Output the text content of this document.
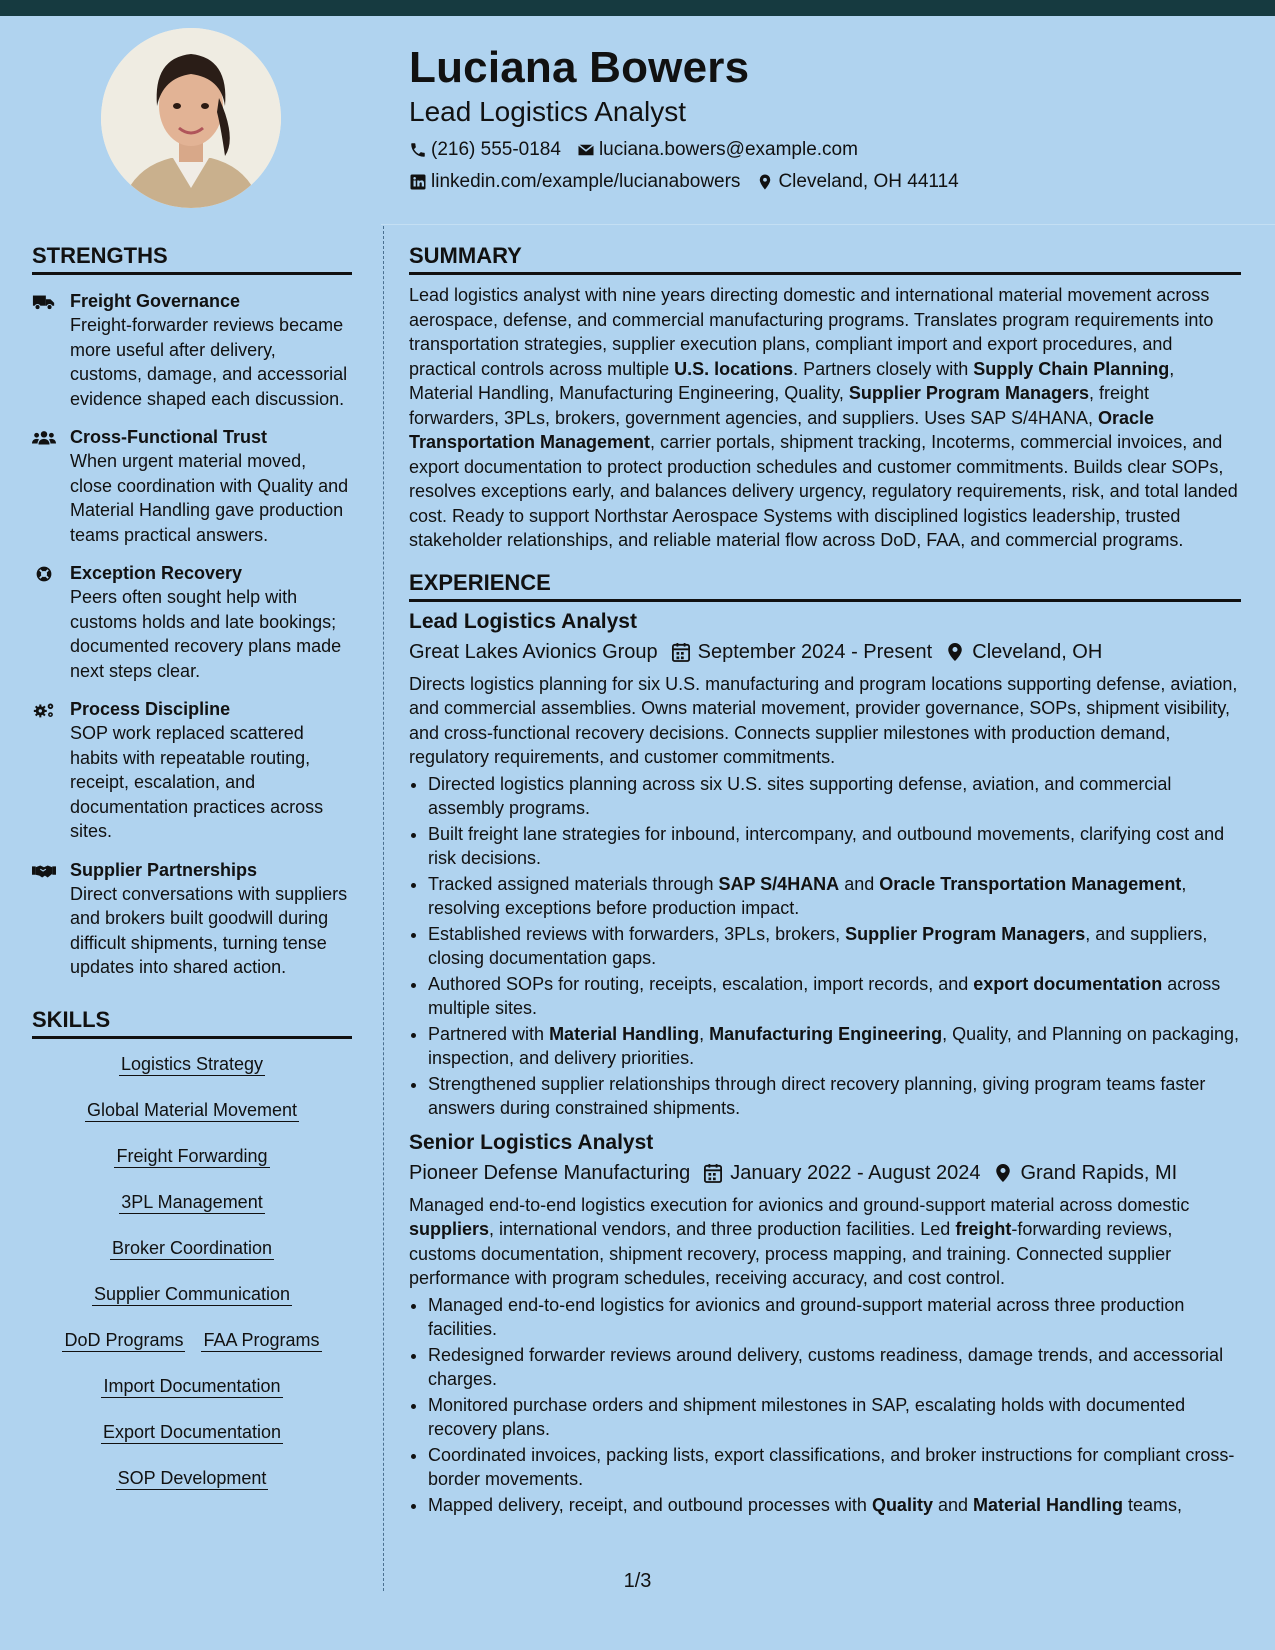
Luciana Bowers
Lead Logistics Analyst
(216) 555-0184 luciana.bowers@example.com
linkedin.com/example/lucianabowers Cleveland, OH 44114
STRENGTHS
Freight Governance
Freight-forwarder reviews became more useful after delivery, customs, damage, and accessorial evidence shaped each discussion.
Cross-Functional Trust
When urgent material moved, close coordination with Quality and Material Handling gave production teams practical answers.
Exception Recovery
Peers often sought help with customs holds and late bookings; documented recovery plans made next steps clear.
Process Discipline
SOP work replaced scattered habits with repeatable routing, receipt, escalation, and documentation practices across sites.
Supplier Partnerships
Direct conversations with suppliers and brokers built goodwill during difficult shipments, turning tense updates into shared action.
SKILLS
Logistics Strategy
Global Material Movement
Freight Forwarding
3PL Management
Broker Coordination
Supplier Communication
DoD Programs FAA Programs
Import Documentation
Export Documentation
SOP Development
SUMMARY
Lead logistics analyst with nine years directing domestic and international material movement across aerospace, defense, and commercial manufacturing programs. Translates program requirements into transportation strategies, supplier execution plans, compliant import and export procedures, and practical controls across multiple U.S. locations. Partners closely with Supply Chain Planning, Material Handling, Manufacturing Engineering, Quality, Supplier Program Managers, freight forwarders, 3PLs, brokers, government agencies, and suppliers. Uses SAP S/4HANA, Oracle Transportation Management, carrier portals, shipment tracking, Incoterms, commercial invoices, and export documentation to protect production schedules and customer commitments. Builds clear SOPs, resolves exceptions early, and balances delivery urgency, regulatory requirements, risk, and total landed cost. Ready to support Northstar Aerospace Systems with disciplined logistics leadership, trusted stakeholder relationships, and reliable material flow across DoD, FAA, and commercial programs.
EXPERIENCE
Lead Logistics Analyst
Great Lakes Avionics Group September 2024 - Present Cleveland, OH
Directs logistics planning for six U.S. manufacturing and program locations supporting defense, aviation, and commercial assemblies. Owns material movement, provider governance, SOPs, shipment visibility, and cross-functional recovery decisions. Connects supplier milestones with production demand, regulatory requirements, and customer commitments.
• Directed logistics planning across six U.S. sites supporting defense, aviation, and commercial assembly programs.
• Built freight lane strategies for inbound, intercompany, and outbound movements, clarifying cost and risk decisions.
• Tracked assigned materials through SAP S/4HANA and Oracle Transportation Management, resolving exceptions before production impact.
• Established reviews with forwarders, 3PLs, brokers, Supplier Program Managers, and suppliers, closing documentation gaps.
• Authored SOPs for routing, receipts, escalation, import records, and export documentation across multiple sites.
• Partnered with Material Handling, Manufacturing Engineering, Quality, and Planning on packaging, inspection, and delivery priorities.
• Strengthened supplier relationships through direct recovery planning, giving program teams faster answers during constrained shipments.
Senior Logistics Analyst
Pioneer Defense Manufacturing January 2022 - August 2024 Grand Rapids, MI
Managed end-to-end logistics execution for avionics and ground-support material across domestic suppliers, international vendors, and three production facilities. Led freight-forwarding reviews, customs documentation, shipment recovery, process mapping, and training. Connected supplier performance with program schedules, receiving accuracy, and cost control.
• Managed end-to-end logistics for avionics and ground-support material across three production facilities.
• Redesigned forwarder reviews around delivery, customs readiness, damage trends, and accessorial charges.
• Monitored purchase orders and shipment milestones in SAP, escalating holds with documented recovery plans.
• Coordinated invoices, packing lists, export classifications, and broker instructions for compliant cross-border movements.
• Mapped delivery, receipt, and outbound processes with Quality and Material Handling teams,
1/3
